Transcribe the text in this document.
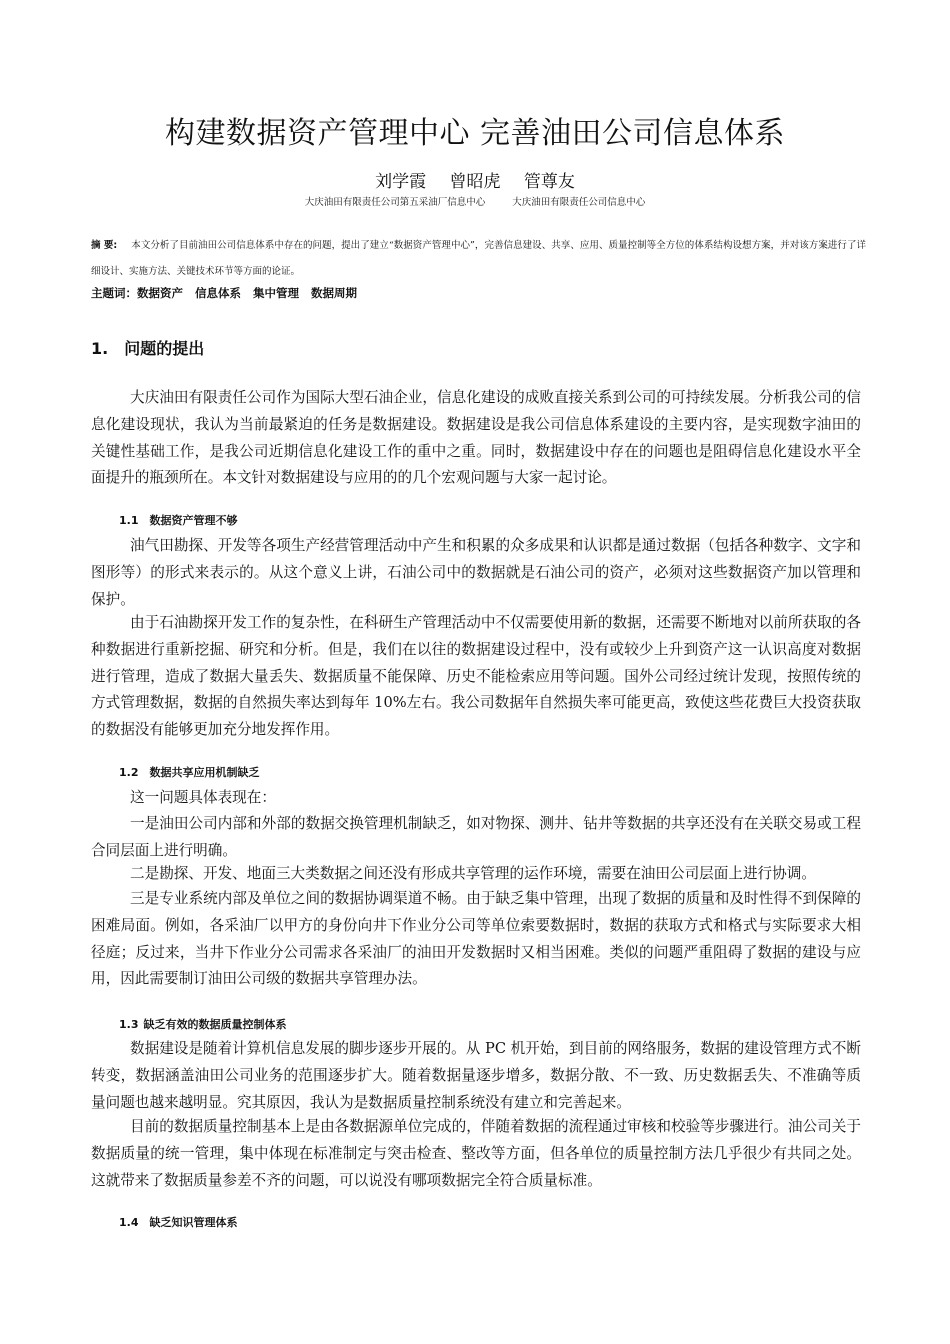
构建数据资产管理中心 完善油田公司信息体系
刘学霞 曾昭虎 管尊友
大庆油田有限责任公司第五采油厂信息中心	大庆油田有限责任公司信息中心
摘 要: 本文分析了目前油田公司信息体系中存在的问题，提出了建立“数据资产管理中心”，完善信息建设、共享、应用、质量控制等全方位的体系结构设想方案，并对该方案进行了详细设计、实施方法、关键技术环节等方面的论证。
主题词：数据资产 信息体系 集中管理 数据周期
1. 问题的提出

大庆油田有限责任公司作为国际大型石油企业，信息化建设的成败直接关系到公司的可持续发展。分析我公司的信息化建设现状，我认为当前最紧迫的任务是数据建设。数据建设是我公司信息体系建设的主要内容，是实现数字油田的关键性基础工作，是我公司近期信息化建设工作的重中之重。同时，数据建设中存在的问题也是阻碍信息化建设水平全面提升的瓶颈所在。本文针对数据建设与应用的的几个宏观问题与大家一起讨论。

1.1 数据资产管理不够

油气田勘探、开发等各项生产经营管理活动中产生和积累的众多成果和认识都是通过数据（包括各种数字、文字和图形等）的形式来表示的。从这个意义上讲，石油公司中的数据就是石油公司的资产，必须对这些数据资产加以管理和保护。

由于石油勘探开发工作的复杂性，在科研生产管理活动中不仅需要使用新的数据，还需要不断地对以前所获取的各种数据进行重新挖掘、研究和分析。但是，我们在以往的数据建设过程中，没有或较少上升到资产这一认识高度对数据进行管理，造成了数据大量丢失、数据质量不能保障、历史不能检索应用等问题。国外公司经过统计发现，按照传统的方式管理数据，数据的自然损失率达到每年 10%左右。我公司数据年自然损失率可能更高，致使这些花费巨大投资获取的数据没有能够更加充分地发挥作用。

1.2 数据共享应用机制缺乏

这一问题具体表现在：

一是油田公司内部和外部的数据交换管理机制缺乏，如对物探、测井、钻井等数据的共享还没有在关联交易或工程合同层面上进行明确。

二是勘探、开发、地面三大类数据之间还没有形成共享管理的运作环境，需要在油田公司层面上进行协调。

三是专业系统内部及单位之间的数据协调渠道不畅。由于缺乏集中管理，出现了数据的质量和及时性得不到保障的困难局面。例如，各采油厂以甲方的身份向井下作业分公司等单位索要数据时，数据的获取方式和格式与实际要求大相径庭；反过来，当井下作业分公司需求各采油厂的油田开发数据时又相当困难。类似的问题严重阻碍了数据的建设与应用，因此需要制订油田公司级的数据共享管理办法。

1.3 缺乏有效的数据质量控制体系

数据建设是随着计算机信息发展的脚步逐步开展的。从 PC 机开始，到目前的网络服务，数据的建设管理方式不断转变，数据涵盖油田公司业务的范围逐步扩大。随着数据量逐步增多，数据分散、不一致、历史数据丢失、不准确等质量问题也越来越明显。究其原因，我认为是数据质量控制系统没有建立和完善起来。

目前的数据质量控制基本上是由各数据源单位完成的，伴随着数据的流程通过审核和校验等步骤进行。油公司关于数据质量的统一管理，集中体现在标准制定与突击检查、整改等方面，但各单位的质量控制方法几乎很少有共同之处。这就带来了数据质量参差不齐的问题，可以说没有哪项数据完全符合质量标准。

1.4 缺乏知识管理体系
